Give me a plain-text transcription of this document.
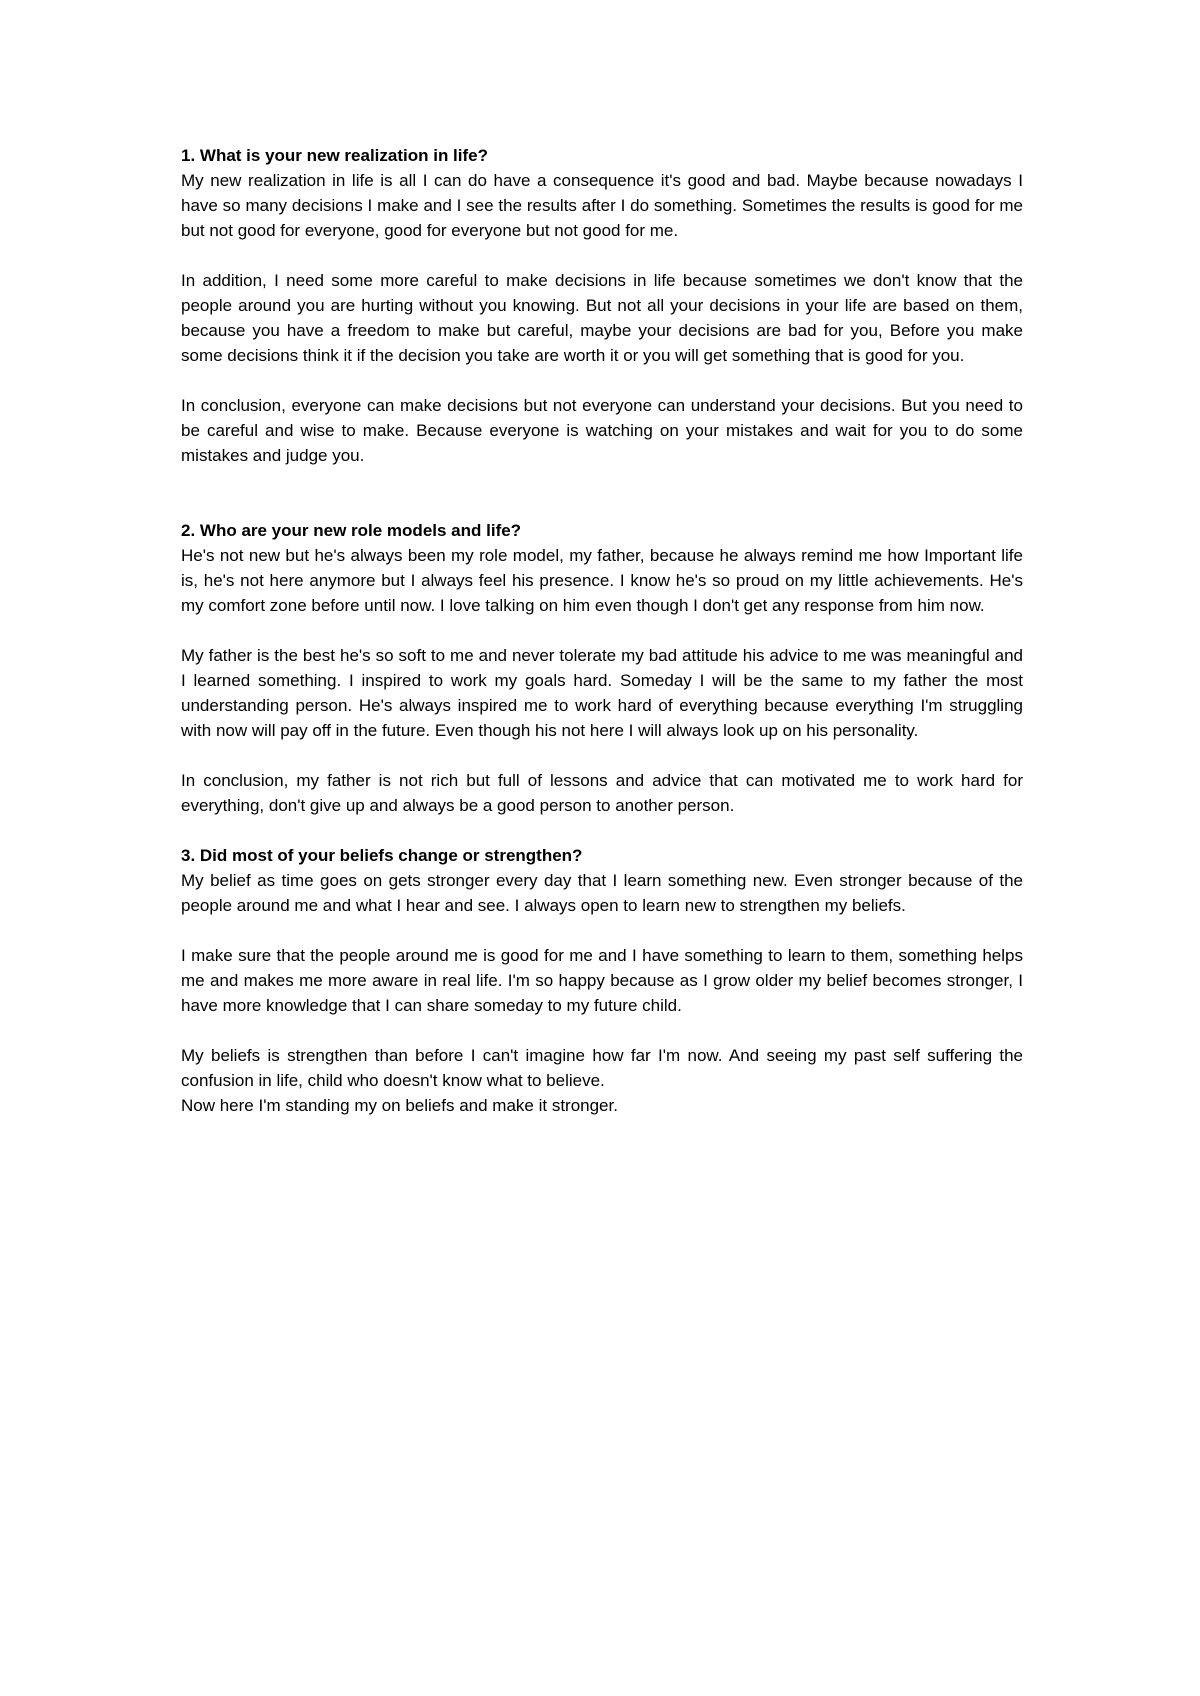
1. What is your new realization in life?

My new realization in life is all I can do have a consequence it's good and bad. Maybe because nowadays I have so many decisions I make and I see the results after I do something. Sometimes the results is good for me but not good for everyone, good for everyone but not good for me.

In addition, I need some more careful to make decisions in life because sometimes we don't know that the people around you are hurting without you knowing. But not all your decisions in your life are based on them, because you have a freedom to make but careful, maybe your decisions are bad for you, Before you make some decisions think it if the decision you take are worth it or you will get something that is good for you.

In conclusion, everyone can make decisions but not everyone can understand your decisions. But you need to be careful and wise to make. Because everyone is watching on your mistakes and wait for you to do some mistakes and judge you.

2. Who are your new role models and life?

He's not new but he's always been my role model, my father, because he always remind me how Important life is, he's not here anymore but I always feel his presence. I know he's so proud on my little achievements. He's my comfort zone before until now. I love talking on him even though I don't get any response from him now.

My father is the best he's so soft to me and never tolerate my bad attitude his advice to me was meaningful and I learned something. I inspired to work my goals hard. Someday I will be the same to my father the most understanding person. He's always inspired me to work hard of everything because everything I'm struggling with now will pay off in the future. Even though his not here I will always look up on his personality.

In conclusion, my father is not rich but full of lessons and advice that can motivated me to work hard for everything, don't give up and always be a good person to another person.

3. Did most of your beliefs change or strengthen?

My belief as time goes on gets stronger every day that I learn something new. Even stronger because of the people around me and what I hear and see. I always open to learn new to strengthen my beliefs.

I make sure that the people around me is good for me and I have something to learn to them, something helps me and makes me more aware in real life. I'm so happy because as I grow older my belief becomes stronger, I have more knowledge that I can share someday to my future child.

My beliefs is strengthen than before I can't imagine how far I'm now. And seeing my past self suffering the confusion in life, child who doesn't know what to believe.

Now here I'm standing my on beliefs and make it stronger.
